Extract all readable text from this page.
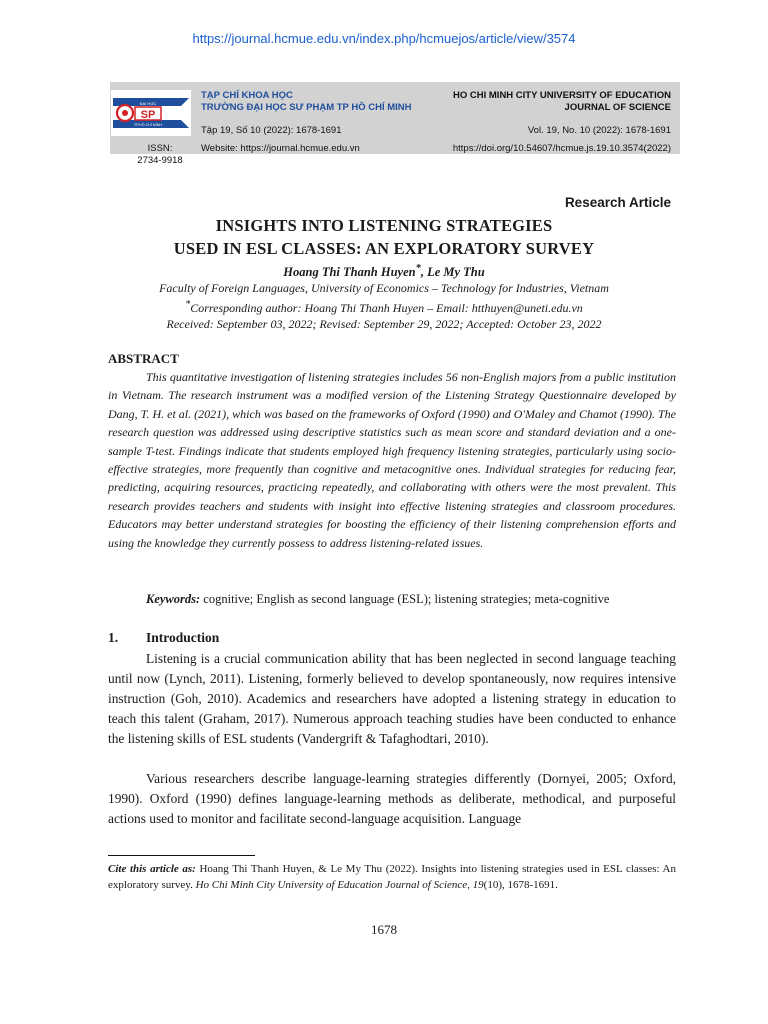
https://journal.hcmue.edu.vn/index.php/hcmuejos/article/view/3574
ĐẠI HỌC
SP
TP.HỒ CHÍ MINH
ISSN:
2734-9918
TẠP CHÍ KHOA HỌC
TRƯỜNG ĐẠI HỌC SƯ PHẠM TP HỒ CHÍ MINH
HO CHI MINH CITY UNIVERSITY OF EDUCATION
JOURNAL OF SCIENCE
Tập 19, Số 10 (2022): 1678-1691	Vol. 19, No. 10 (2022): 1678-1691
Website: https://journal.hcmue.edu.vn	https://doi.org/10.54607/hcmue.js.19.10.3574(2022)
Research Article
INSIGHTS INTO LISTENING STRATEGIES
USED IN ESL CLASSES: AN EXPLORATORY SURVEY
Hoang Thi Thanh Huyen*, Le My Thu
Faculty of Foreign Languages, University of Economics – Technology for Industries, Vietnam
*Corresponding author: Hoang Thi Thanh Huyen – Email: htthuyen@uneti.edu.vn
Received: September 03, 2022; Revised: September 29, 2022; Accepted: October 23, 2022
ABSTRACT

This quantitative investigation of listening strategies includes 56 non-English majors from a public institution in Vietnam. The research instrument was a modified version of the Listening Strategy Questionnaire developed by Dang, T. H. et al. (2021), which was based on the frameworks of Oxford (1990) and O'Maley and Chamot (1990). The research question was addressed using descriptive statistics such as mean score and standard deviation and a one-sample T-test. Findings indicate that students employed high frequency listening strategies, particularly using socio-effective strategies, more frequently than cognitive and metacognitive ones. Individual strategies for reducing fear, predicting, acquiring resources, practicing repeatedly, and collaborating with others were the most prevalent. This research provides teachers and students with insight into effective listening strategies and classroom procedures. Educators may better understand strategies for boosting the efficiency of their listening comprehension efforts and using the knowledge they currently possess to address listening-related issues.

Keywords: cognitive; English as second language (ESL); listening strategies; meta-cognitive

1. Introduction

Listening is a crucial communication ability that has been neglected in second language teaching until now (Lynch, 2011). Listening, formerly believed to develop spontaneously, now requires intensive instruction (Goh, 2010). Academics and researchers have adopted a listening strategy in education to teach this talent (Graham, 2017). Numerous approach teaching studies have been conducted to enhance the listening skills of ESL students (Vandergrift & Tafaghodtari, 2010).

Various researchers describe language-learning strategies differently (Dornyei, 2005; Oxford, 1990). Oxford (1990) defines language-learning methods as deliberate, methodical, and purposeful actions used to monitor and facilitate second-language acquisition. Language

Cite this article as: Hoang Thi Thanh Huyen, & Le My Thu (2022). Insights into listening strategies used in ESL classes: An exploratory survey. Ho Chi Minh City University of Education Journal of Science, 19(10), 1678-1691.

1678
